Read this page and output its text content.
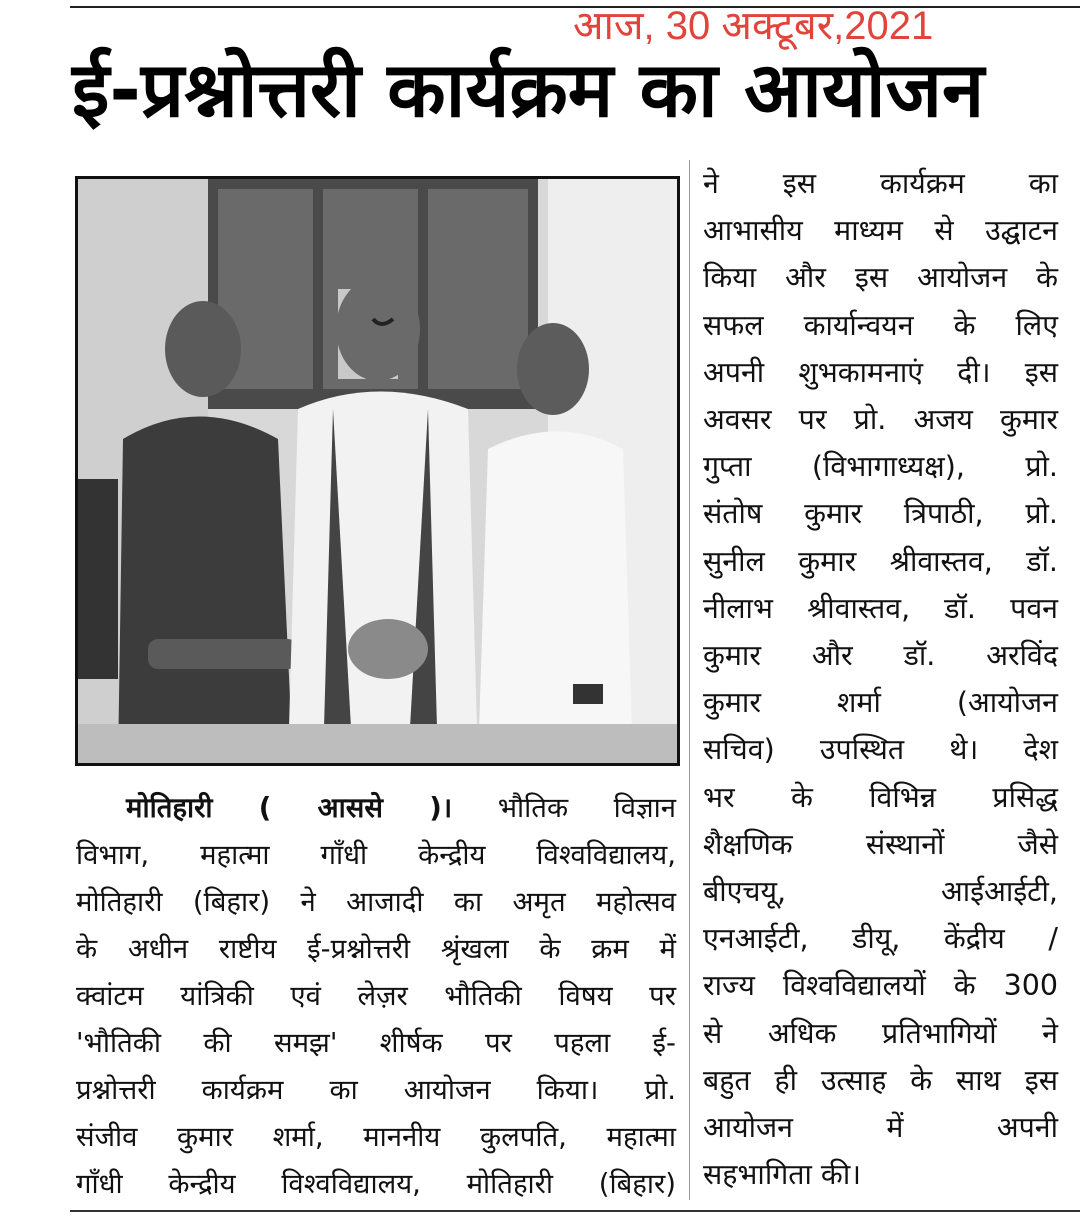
आज, 30 अक्टूबर,2021
ई-प्रश्नोत्तरी कार्यक्रम का आयोजन
ने इस कार्यक्रम का
आभासीय माध्यम से उद्घाटन
किया और इस आयोजन के
सफल कार्यान्वयन के लिए
अपनी शुभकामनाएं दी। इस
अवसर पर प्रो. अजय कुमार
गुप्ता (विभागाध्यक्ष), प्रो.
संतोष कुमार त्रिपाठी, प्रो.
सुनील कुमार श्रीवास्तव, डॉ.
नीलाभ श्रीवास्तव, डॉ. पवन
कुमार और डॉ. अरविंद
कुमार शर्मा (आयोजन
सचिव) उपस्थित थे। देश
भर के विभिन्न प्रसिद्ध
शैक्षणिक संस्थानों जैसे
बीएचयू, आईआईटी,
एनआईटी, डीयू, केंद्रीय /
राज्य विश्वविद्यालयों के 300
से अधिक प्रतिभागियों ने
बहुत ही उत्साह के साथ इस
आयोजन में अपनी
सहभागिता की।
मोतिहारी ( आससे )। भौतिक विज्ञान
विभाग, महात्मा गाँधी केन्द्रीय विश्वविद्यालय,
मोतिहारी (बिहार) ने आजादी का अमृत महोत्सव
के अधीन राष्टीय ई-प्रश्नोत्तरी श्रृंखला के क्रम में
क्वांटम यांत्रिकी एवं लेज़र भौतिकी विषय पर
'भौतिकी की समझ' शीर्षक पर पहला ई-
प्रश्नोत्तरी कार्यक्रम का आयोजन किया। प्रो.
संजीव कुमार शर्मा, माननीय कुलपति, महात्मा
गाँधी केन्द्रीय विश्वविद्यालय, मोतिहारी (बिहार)
